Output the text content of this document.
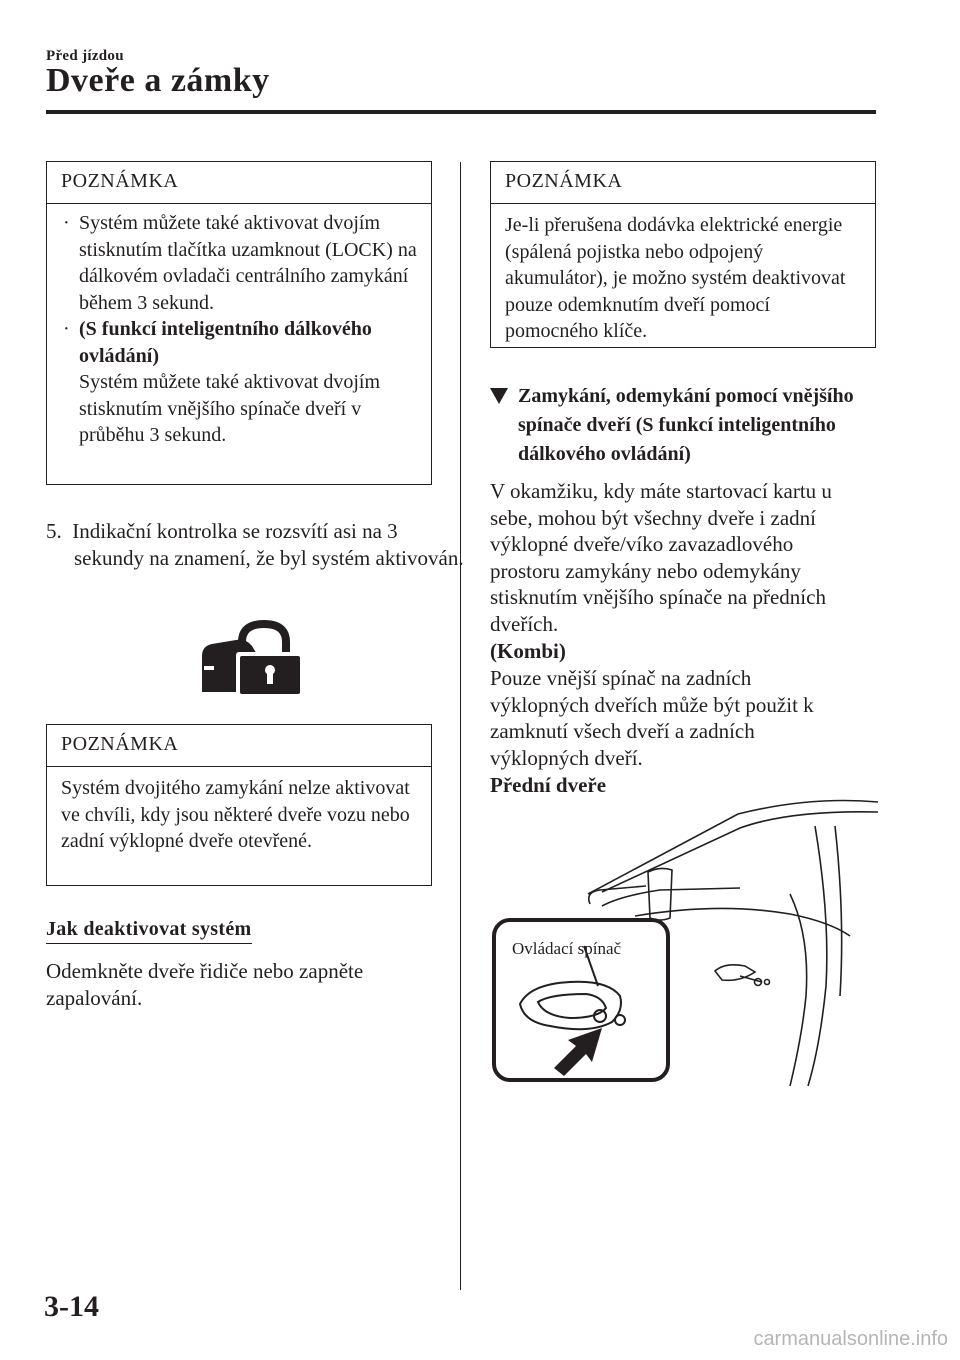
Před jízdou
Dveře a zámky
POZNÁMKA
· Systém můžete také aktivovat dvojím stisknutím tlačítka uzamknout (LOCK) na dálkovém ovladači centrálního zamykání během 3 sekund.
· (S funkcí inteligentního dálkového ovládání)
Systém můžete také aktivovat dvojím stisknutím vnějšího spínače dveří v průběhu 3 sekund.
5. Indikační kontrolka se rozsvítí asi na 3 sekundy na znamení, že byl systém aktivován.
POZNÁMKA
Systém dvojitého zamykání nelze aktivovat ve chvíli, kdy jsou některé dveře vozu nebo zadní výklopné dveře otevřené.
Jak deaktivovat systém
Odemkněte dveře řidiče nebo zapněte zapalování.
POZNÁMKA
Je-li přerušena dodávka elektrické energie (spálená pojistka nebo odpojený akumulátor), je možno systém deaktivovat pouze odemknutím dveří pomocí pomocného klíče.
Zamykání, odemykání pomocí vnějšího spínače dveří (S funkcí inteligentního dálkového ovládání)
V okamžiku, kdy máte startovací kartu u sebe, mohou být všechny dveře i zadní výklopné dveře/víko zavazadlového prostoru zamykány nebo odemykány stisknutím vnějšího spínače na předních dveřích.
(Kombi)
Pouze vnější spínač na zadních výklopných dveřích může být použit k zamknutí všech dveří a zadních výklopných dveří.
Přední dveře
Ovládací spínač
3-14
carmanualsonline.info
